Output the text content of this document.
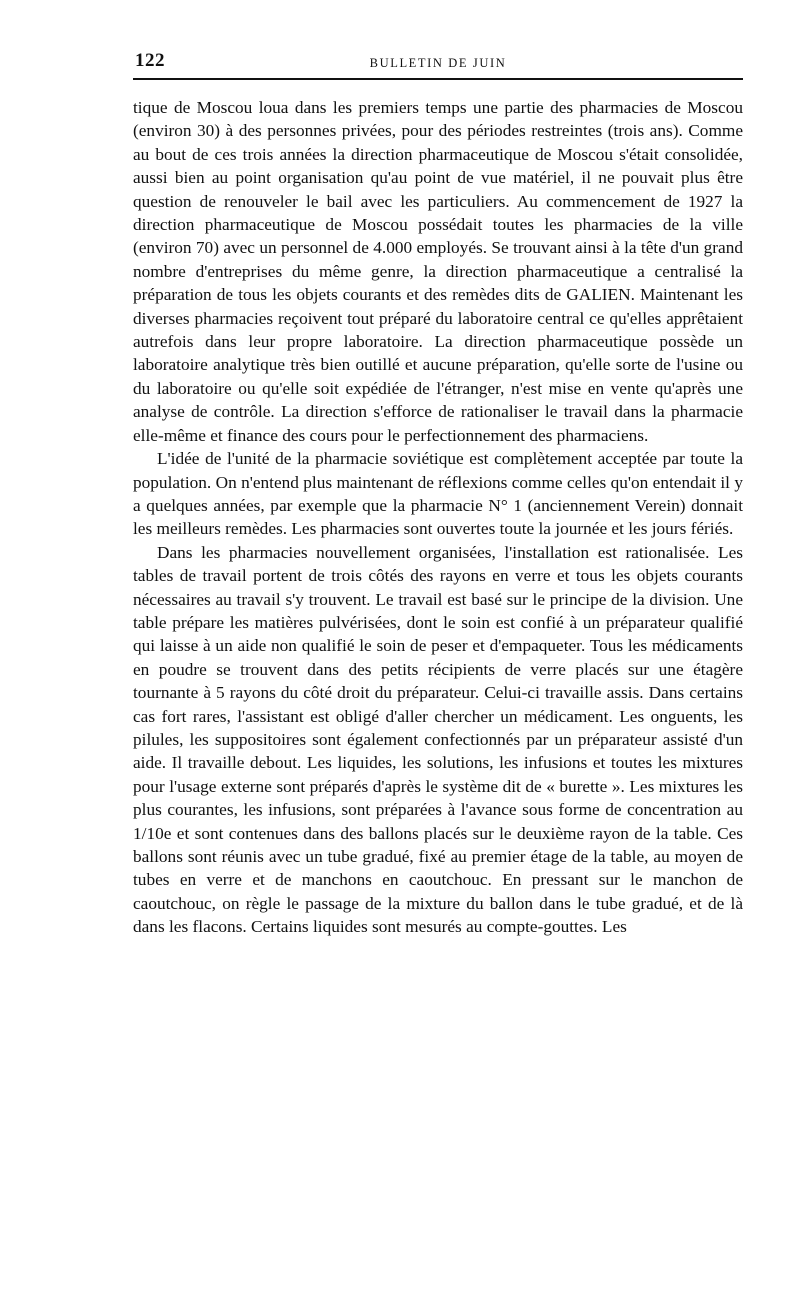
122	BULLETIN DE JUIN

tique de Moscou loua dans les premiers temps une partie des pharmacies de Moscou (environ 30) à des personnes privées, pour des périodes restreintes (trois ans). Comme au bout de ces trois années la direction pharmaceutique de Moscou s'était consolidée, aussi bien au point organisation qu'au point de vue matériel, il ne pouvait plus être question de renouveler le bail avec les particuliers. Au commencement de 1927 la direction pharmaceutique de Moscou possédait toutes les pharmacies de la ville (environ 70) avec un personnel de 4.000 employés. Se trouvant ainsi à la tête d'un grand nombre d'entreprises du même genre, la direction pharmaceutique a centralisé la préparation de tous les objets courants et des remèdes dits de GALIEN. Maintenant les diverses pharmacies reçoivent tout préparé du laboratoire central ce qu'elles apprêtaient autrefois dans leur propre laboratoire. La direction pharmaceutique possède un laboratoire analytique très bien outillé et aucune préparation, qu'elle sorte de l'usine ou du laboratoire ou qu'elle soit expédiée de l'étranger, n'est mise en vente qu'après une analyse de contrôle. La direction s'efforce de rationaliser le travail dans la pharmacie elle-même et finance des cours pour le perfectionnement des pharmaciens.

L'idée de l'unité de la pharmacie soviétique est complètement acceptée par toute la population. On n'entend plus maintenant de réflexions comme celles qu'on entendait il y a quelques années, par exemple que la pharmacie N° 1 (anciennement Verein) donnait les meilleurs remèdes. Les pharmacies sont ouvertes toute la journée et les jours fériés.

Dans les pharmacies nouvellement organisées, l'installation est rationalisée. Les tables de travail portent de trois côtés des rayons en verre et tous les objets courants nécessaires au travail s'y trouvent. Le travail est basé sur le principe de la division. Une table prépare les matières pulvérisées, dont le soin est confié à un préparateur qualifié qui laisse à un aide non qualifié le soin de peser et d'empaqueter. Tous les médicaments en poudre se trouvent dans des petits récipients de verre placés sur une étagère tournante à 5 rayons du côté droit du préparateur. Celui-ci travaille assis. Dans certains cas fort rares, l'assistant est obligé d'aller chercher un médicament. Les onguents, les pilules, les suppositoires sont également confectionnés par un préparateur assisté d'un aide. Il travaille debout. Les liquides, les solutions, les infusions et toutes les mixtures pour l'usage externe sont préparés d'après le système dit de « burette ». Les mixtures les plus courantes, les infusions, sont préparées à l'avance sous forme de concentration au 1/10e et sont contenues dans des ballons placés sur le deuxième rayon de la table. Ces ballons sont réunis avec un tube gradué, fixé au premier étage de la table, au moyen de tubes en verre et de manchons en caoutchouc. En pressant sur le manchon de caoutchouc, on règle le passage de la mixture du ballon dans le tube gradué, et de là dans les flacons. Certains liquides sont mesurés au compte-gouttes. Les
